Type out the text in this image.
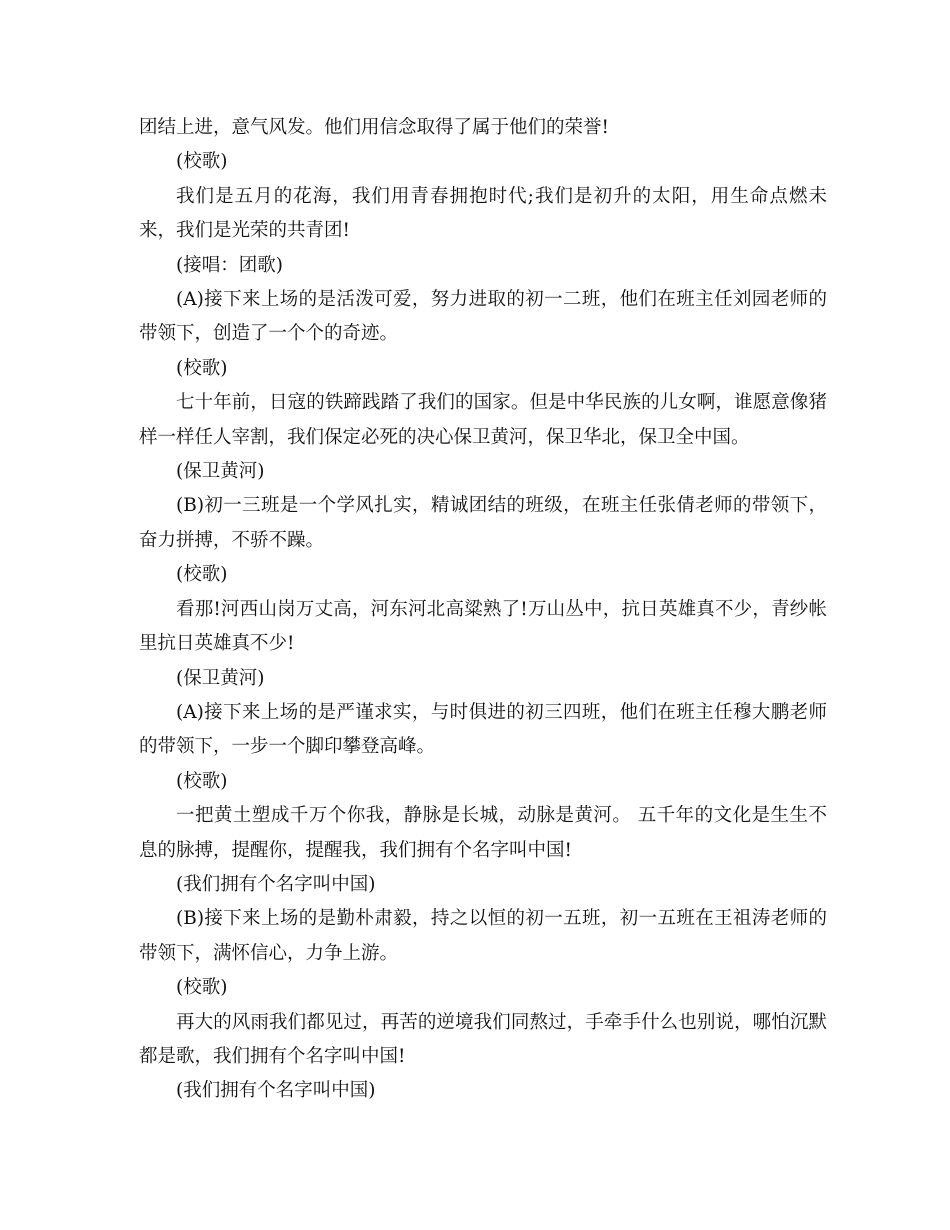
团结上进，意气风发。他们用信念取得了属于他们的荣誉!

(校歌)

我们是五月的花海，我们用青春拥抱时代;我们是初升的太阳，用生命点燃未来，我们是光荣的共青团!

(接唱：团歌)

(A)接下来上场的是活泼可爱，努力进取的初一二班，他们在班主任刘园老师的带领下，创造了一个个的奇迹。

(校歌)

七十年前，日寇的铁蹄践踏了我们的国家。但是中华民族的儿女啊，谁愿意像猪样一样任人宰割，我们保定必死的决心保卫黄河，保卫华北，保卫全中国。

(保卫黄河)

(B)初一三班是一个学风扎实，精诚团结的班级，在班主任张倩老师的带领下，奋力拼搏，不骄不躁。

(校歌)

看那!河西山岗万丈高，河东河北高粱熟了!万山丛中，抗日英雄真不少，青纱帐里抗日英雄真不少!

(保卫黄河)

(A)接下来上场的是严谨求实，与时俱进的初三四班，他们在班主任穆大鹏老师的带领下，一步一个脚印攀登高峰。

(校歌)

一把黄土塑成千万个你我，静脉是长城，动脉是黄河。 五千年的文化是生生不息的脉搏，提醒你，提醒我，我们拥有个名字叫中国!

(我们拥有个名字叫中国)

(B)接下来上场的是勤朴肃毅，持之以恒的初一五班，初一五班在王祖涛老师的带领下，满怀信心，力争上游。

(校歌)

再大的风雨我们都见过，再苦的逆境我们同熬过，手牵手什么也别说，哪怕沉默都是歌，我们拥有个名字叫中国!

(我们拥有个名字叫中国)
